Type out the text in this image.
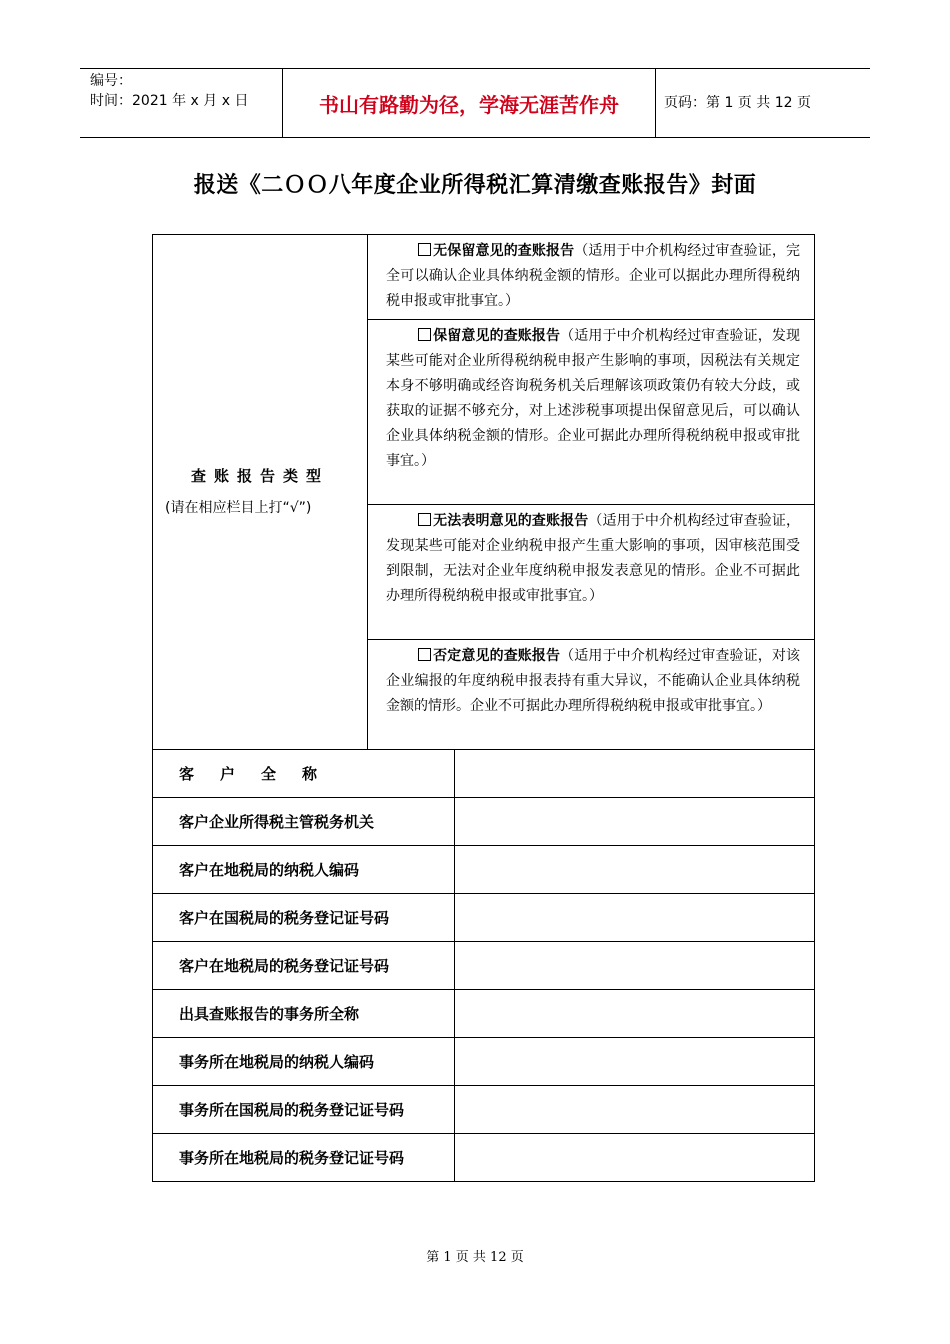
编号：
时间：2021 年 x 月 x 日	书山有路勤为径，学海无涯苦作舟	页码：第 1 页 共 12 页
报送《二ＯＯ八年度企业所得税汇算清缴查账报告》封面
查账报告类型
(请在相应栏目上打“√”)	无保留意见的查账报告（适用于中介机构经过审查验证，完全可以确认企业具体纳税金额的情形。企业可以据此办理所得税纳税申报或审批事宜。）	
	保留意见的查账报告（适用于中介机构经过审查验证，发现某些可能对企业所得税纳税申报产生影响的事项，因税法有关规定本身不够明确或经咨询税务机关后理解该项政策仍有较大分歧，或获取的证据不够充分，对上述涉税事项提出保留意见后，可以确认企业具体纳税金额的情形。企业可据此办理所得税纳税申报或审批事宜。）	
	无法表明意见的查账报告（适用于中介机构经过审查验证，发现某些可能对企业纳税申报产生重大影响的事项，因审核范围受到限制，无法对企业年度纳税申报发表意见的情形。企业不可据此办理所得税纳税申报或审批事宜。）	
	否定意见的查账报告（适用于中介机构经过审查验证，对该企业编报的年度纳税申报表持有重大异议，不能确认企业具体纳税金额的情形。企业不可据此办理所得税纳税申报或审批事宜。）	
客户全称		
客户企业所得税主管税务机关		
客户在地税局的纳税人编码		
客户在国税局的税务登记证号码		
客户在地税局的税务登记证号码		
出具查账报告的事务所全称		
事务所在地税局的纳税人编码		
事务所在国税局的税务登记证号码		
事务所在地税局的税务登记证号码		
第 1 页 共 12 页
